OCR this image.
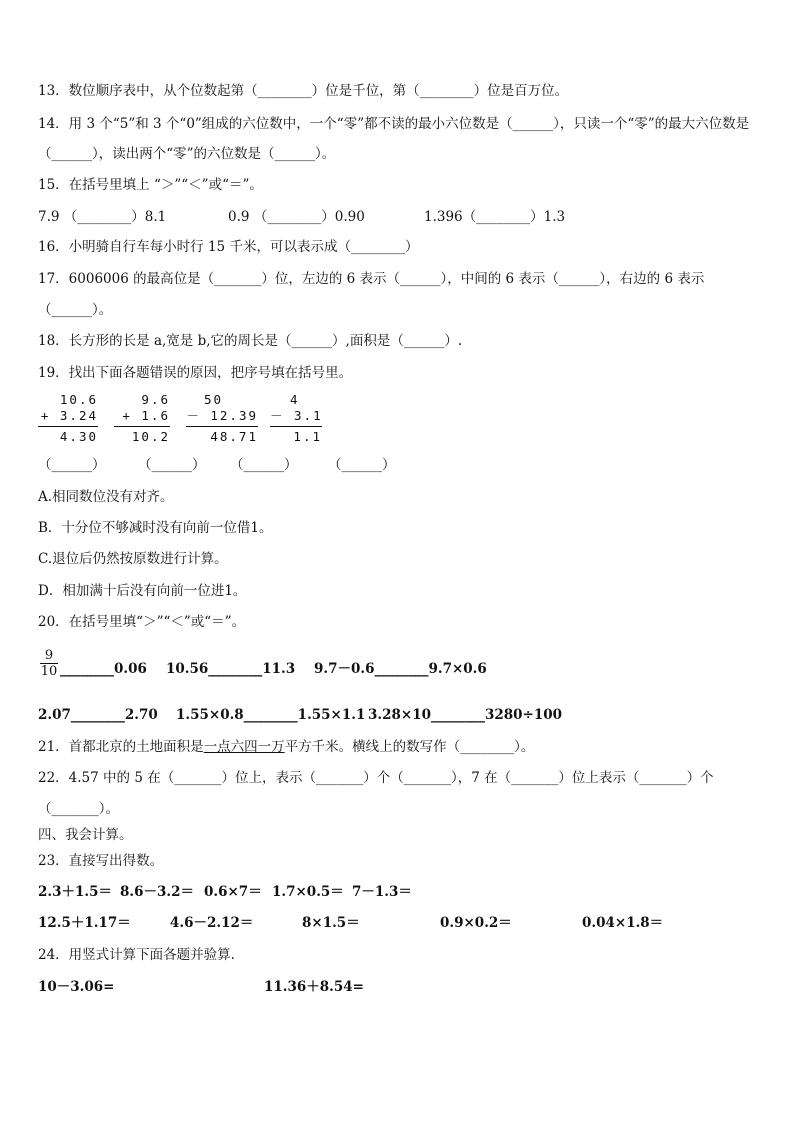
13．数位顺序表中，从个位数起第（________）位是千位，第（________）位是百万位。
14．用 3 个“5”和 3 个“0”组成的六位数中，一个“零”都不读的最小六位数是（______），只读一个“零”的最大六位数是
（______），读出两个“零”的六位数是（______）。
15．在括号里填上 “＞”“＜”或“＝”。
7.9 （________）8.1	0.9 （________）0.90	1.396（________）1.3
16．小明骑自行车每小时行 15 千米，可以表示成（________）
17．6006006 的最高位是（_______）位，左边的 6 表示（______），中间的 6 表示（______），右边的 6 表示
（______）。
18．长方形的长是 a,宽是 b,它的周长是（______）,面积是（______）.
19．找出下面各题错误的原因，把序号填在括号里。
10.6
+ 3.24
4.30
9.6
+ 1.6
10.2
50
－ 12.39
48.71
4
－ 3.1
1.1
（______） （______） （______） （______）
A.相同数位没有对齐。
B．十分位不够减时没有向前一位借1。
C.退位后仍然按原数进行计算。
D．相加满十后没有向前一位进1。
20．在括号里填“＞”“＜”或“＝”。
$\frac{9}{10}$ ________0.06 10.56________11.3 9.7－0.6________9.7×0.6
2.07________2.70 1.55×0.8________1.55×1.1 3.28×10________3280÷100
21．首都北京的土地面积是一点六四一万平方千米。横线上的数写作（________）。
22．4.57 中的 5 在（_______）位上，表示（_______）个（_______），7 在（_______）位上表示（_______）个
（_______）。
四、我会计算。
23．直接写出得数。
2.3＋1.5＝ 8.6－3.2＝ 0.6×7＝ 1.7×0.5＝ 7－1.3＝
12.5＋1.17＝	4.6－2.12＝	8×1.5＝	0.9×0.2＝	0.04×1.8＝
24．用竖式计算下面各题并验算.
10－3.06=	11.36＋8.54=
